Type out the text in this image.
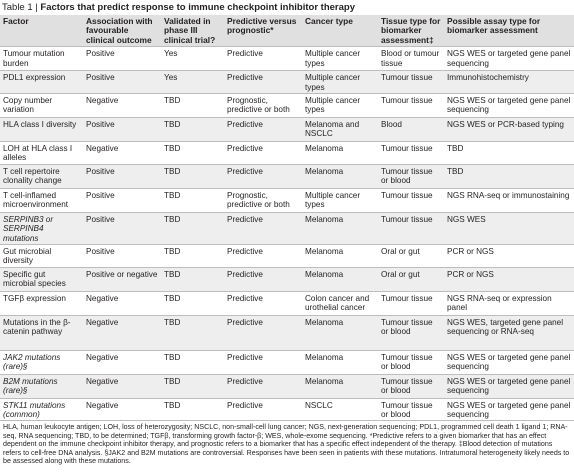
Table 1 | Factors that predict response to immune checkpoint inhibitor therapy
Factor	Association with favourable clinical outcome	Validated in phase III clinical trial?	Predictive versus prognostic*	Cancer type	Tissue type for biomarker assessment‡	Possible assay type for biomarker assessment
Tumour mutation burden	Positive	Yes	Predictive	Multiple cancer types	Blood or tumour tissue	NGS WES or targeted gene panel sequencing
PDL1 expression	Positive	Yes	Predictive	Multiple cancer types	Tumour tissue	Immunohistochemistry
Copy number variation	Negative	TBD	Prognostic, predictive or both	Multiple cancer types	Tumour tissue	NGS WES or targeted gene panel sequencing
HLA class I diversity	Positive	TBD	Predictive	Melanoma and NSCLC	Blood	NGS WES or PCR-based typing
LOH at HLA class I alleles	Negative	TBD	Predictive	Melanoma	Tumour tissue	TBD
T cell repertoire clonality change	Positive	TBD	Predictive	Melanoma	Tumour tissue or blood	TBD
T cell-inflamed microenvironment	Positive	TBD	Prognostic, predictive or both	Multiple cancer types	Tumour tissue	NGS RNA-seq or immunostaining
SERPINB3 or SERPINB4 mutations	Positive	TBD	Predictive	Melanoma	Tumour tissue	NGS WES
Gut microbial diversity	Positive	TBD	Predictive	Melanoma	Oral or gut	PCR or NGS
Specific gut microbial species	Positive or negative	TBD	Predictive	Melanoma	Oral or gut	PCR or NGS
TGFβ expression	Negative	TBD	Predictive	Colon cancer and urothelial cancer	Tumour tissue	NGS RNA-seq or expression panel
Mutations in the β-catenin pathway	Negative	TBD	Predictive	Melanoma	Tumour tissue or blood	NGS WES, targeted gene panel sequencing or RNA-seq
JAK2 mutations (rare)§	Negative	TBD	Predictive	Melanoma	Tumour tissue or blood	NGS WES or targeted gene panel sequencing
B2M mutations (rare)§	Negative	TBD	Predictive	Melanoma	Tumour tissue or blood	NGS WES or targeted gene panel sequencing
STK11 mutations (common)	Negative	TBD	Predictive	NSCLC	Tumour tissue or blood	NGS WES or targeted gene panel sequencing
HLA, human leukocyte antigen; LOH, loss of heterozygosity; NSCLC, non-small-cell lung cancer; NGS, next-generation sequencing; PDL1, programmed cell death 1 ligand 1; RNA-seq, RNA sequencing; TBD, to be determined; TGFβ, transforming growth factor-β; WES, whole-exome sequencing. *Predictive refers to a given biomarker that has an effect dependent on the immune checkpoint inhibitor therapy, and prognostic refers to a biomarker that has a specific effect independent of the therapy. ‡Blood detection of mutations refers to cell-free DNA analysis. §JAK2 and B2M mutations are controversial. Responses have been seen in patients with these mutations. Intratumoral heterogeneity likely needs to be assessed along with these mutations.
